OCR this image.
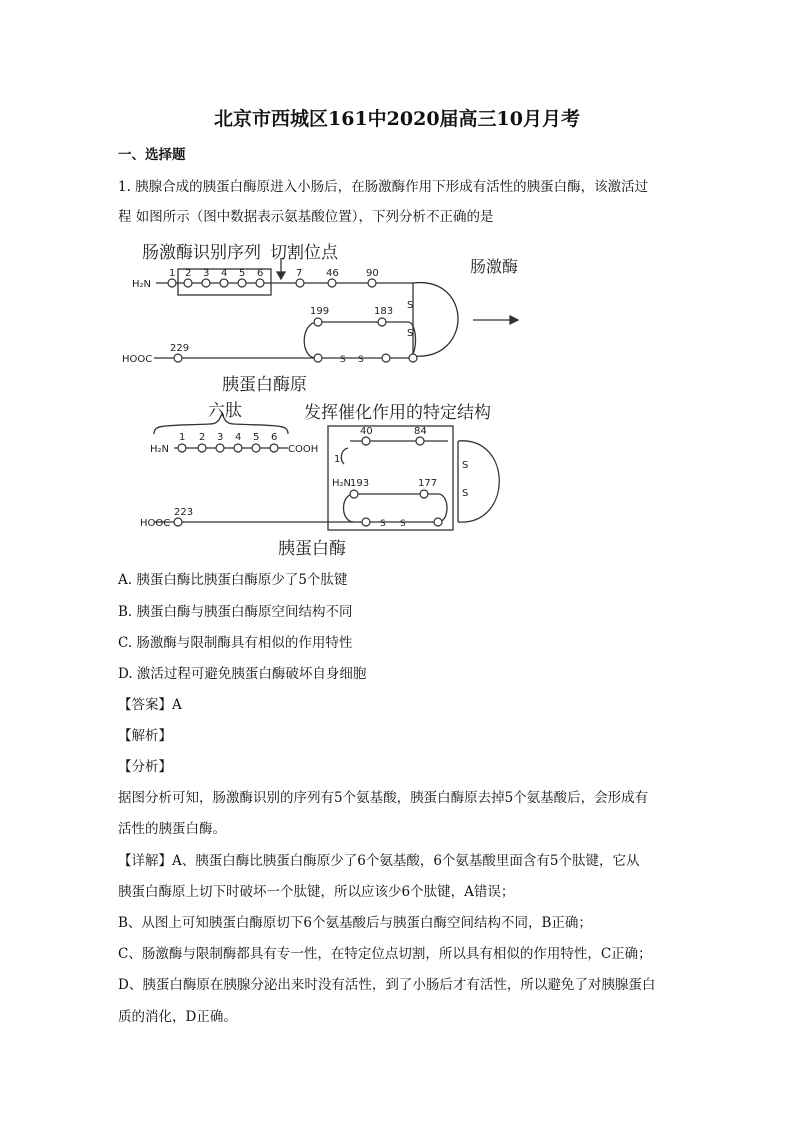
北京市西城区161中2020届高三10月月考
一、选择题
1. 胰腺合成的胰蛋白酶原进入小肠后，在肠激酶作用下形成有活性的胰蛋白酶，该激活过
程 如图所示（图中数据表示氨基酸位置），下列分析不正确的是
肠激酶识别序列 切割位点
H₂N
HOOC
肠激酶
S
S
S S
胰蛋白酶原
六肽	发挥催化作用的特定结构
H₂N	COOH
H₂N
S
S
S S
HOOC
胰蛋白酶
1 2 3 4 5 6	7 46	90
199	183
229
1 2 3 4 5 6
40	84
1
193	177
223
A. 胰蛋白酶比胰蛋白酶原少了5个肽键
B. 胰蛋白酶与胰蛋白酶原空间结构不同
C. 肠激酶与限制酶具有相似的作用特性
D. 激活过程可避免胰蛋白酶破坏自身细胞
【答案】A
【解析】
【分析】
据图分析可知，肠激酶识别的序列有5个氨基酸，胰蛋白酶原去掉5个氨基酸后，会形成有
活性的胰蛋白酶。
【详解】A、胰蛋白酶比胰蛋白酶原少了6个氨基酸，6个氨基酸里面含有5个肽键，它从
胰蛋白酶原上切下时破坏一个肽键，所以应该少6个肽键，A错误；
B、从图上可知胰蛋白酶原切下6个氨基酸后与胰蛋白酶空间结构不同，B正确；
C、肠激酶与限制酶都具有专一性，在特定位点切割，所以具有相似的作用特性，C正确；
D、胰蛋白酶原在胰腺分泌出来时没有活性，到了小肠后才有活性，所以避免了对胰腺蛋白
质的消化，D正确。
